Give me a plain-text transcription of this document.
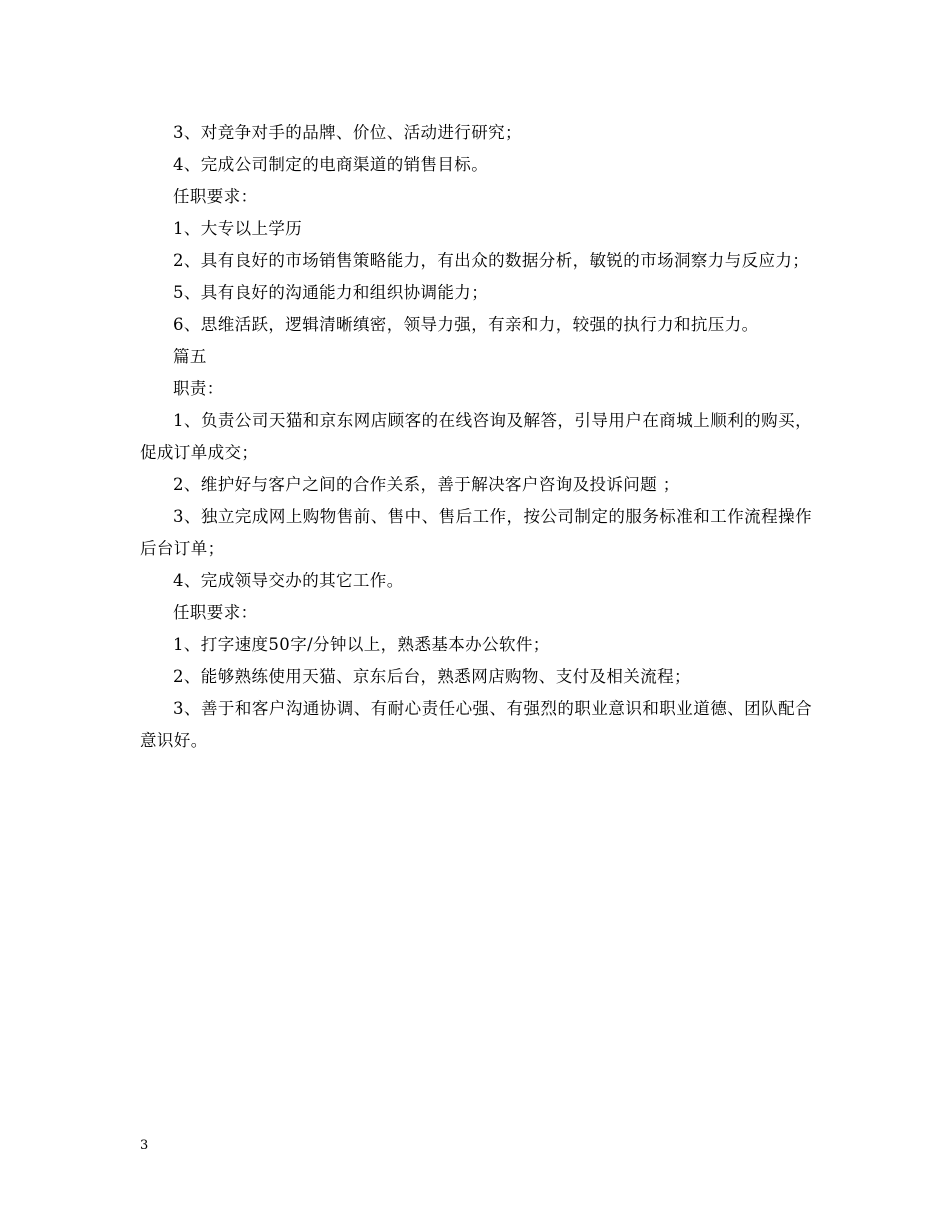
3、对竞争对手的品牌、价位、活动进行研究；

4、完成公司制定的电商渠道的销售目标。

任职要求：

1、大专以上学历

2、具有良好的市场销售策略能力，有出众的数据分析，敏锐的市场洞察力与反应力；

5、具有良好的沟通能力和组织协调能力；

6、思维活跃，逻辑清晰缜密，领导力强，有亲和力，较强的执行力和抗压力。

篇五

职责：

1、负责公司天猫和京东网店顾客的在线咨询及解答，引导用户在商城上顺利的购买，促成订单成交；

2、维护好与客户之间的合作关系，善于解决客户咨询及投诉问题 ；

3、独立完成网上购物售前、售中、售后工作，按公司制定的服务标准和工作流程操作后台订单；

4、完成领导交办的其它工作。

任职要求：

1、打字速度50字/分钟以上，熟悉基本办公软件；

2、能够熟练使用天猫、京东后台，熟悉网店购物、支付及相关流程；

3、善于和客户沟通协调、有耐心责任心强、有强烈的职业意识和职业道德、团队配合意识好。

3
